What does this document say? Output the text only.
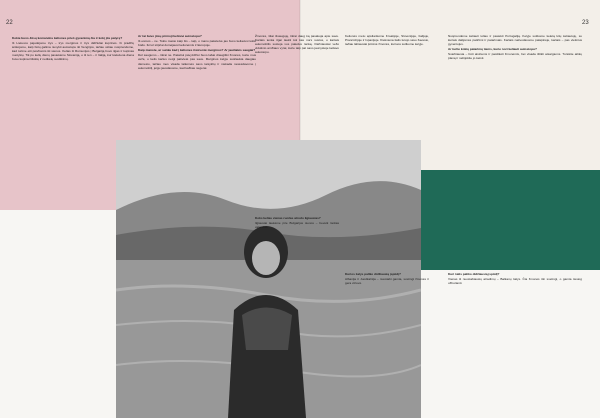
22	23

Kokie buvo Jūsų komandos keliones prieš gyvenimą čia ir kokį jūs patyrę?

Iš Lietuvos pajudėjome trys – trys merginos ir trys didžiuliai kuprinės. Iš pradžių ieškojome, kaip būtų galima nuvykti autostopu iki Vengrijos, tačiau vėliau nusprendėme, kad turime eiti pėsčiomis iki sienos. Kelias iš Rumunijos į Bulgariją buvo ilgas ir kupinas nuotykių. Tik po kelių dienų pasiekėme Slovėniją, o iš ten – ir Italiją, kur kiekviena diena buvo kupina iššūkių ir netikėtų susitikimų.

Ar tai buvo jūsų pirmoji kelionė autostopu?

Iš esmės – ne. Tokio masto kaip šis – taip, o mano pakeleivė jau buvo keliavusi tokiu būdu. Iki tol stipriai domėjausi kelionėmis ir Europoje.

Kaip manote, ar sunku kad į keliones išsiruošė merginos? Ar jaučiatės saugiai?

Dėl saugumo – tikrai ne. Pakeliui pavyzdžiui buvo labai draugiški žmonės, kurie mus vežė, o kelis kartus netgi pakvietė pas save. Merginos kelyje susilaukia daugiau dėmesio, tačiau mes visada laikėmės savo taisyklių ir niekada nesėsdavome į automobilį, jeigu jausdavome, kad kažkas negerai.

Žmonės, šitai išsaugoję, tikrai daug ką pasakoja apie save. Kartais tenka ilgai laukti kol kas nors sustos, o kartais automobilis sustoja vos pakėlus ranką. Dažniausiai vežė vidutinio amžiaus vyrai, kurie taip pat savo jaunystėje keliavo autostopu.

Koks kelias vienas ruožas atrodo ilgiausias?

Ilgiausiai laukėme prie Bulgarijos sienos – beveik šešias valandas.

Kelionės metu apsilankėme Kroatijoje, Slovėnijoje, Italijoje, Prancūzijoje ir Ispanijoje. Kiekviena šalis turėjo savo žavesio, tačiau labiausiai įsiminė žmonės, kuriuos sutikome kelyje.

Kurios šalys paliko didžiausią įspūdį?

Albanija ir Juodkalnija – nuostabi gamta, svetingi žmonės ir gera virtuvė.

Nusprendėme keliauti toliau ir pasiekti Portugaliją. Kelyje sutikome keletą kitų keliautojų, su kuriais dalijomės patirtimi ir patarimais. Kartais nakvodavome palapinėje, kartais – pas vietinius gyventojus.

Ar turite kokių patarimų tiems, kurie nori keliauti autostopu?

Svarbiausia – būti atviriems ir pasitikėti žmonėmis, bet visada išlikti atsargiems. Turėkite aiškų planą ir nebijokite jo keisti.

Kuri šalis paliko didžiausią įspūdį?

Vienas iš nuostabiausių atradimų – Balkanų šalys. Čia žmonės itin svetingi, o gamta tiesiog užburianti.
